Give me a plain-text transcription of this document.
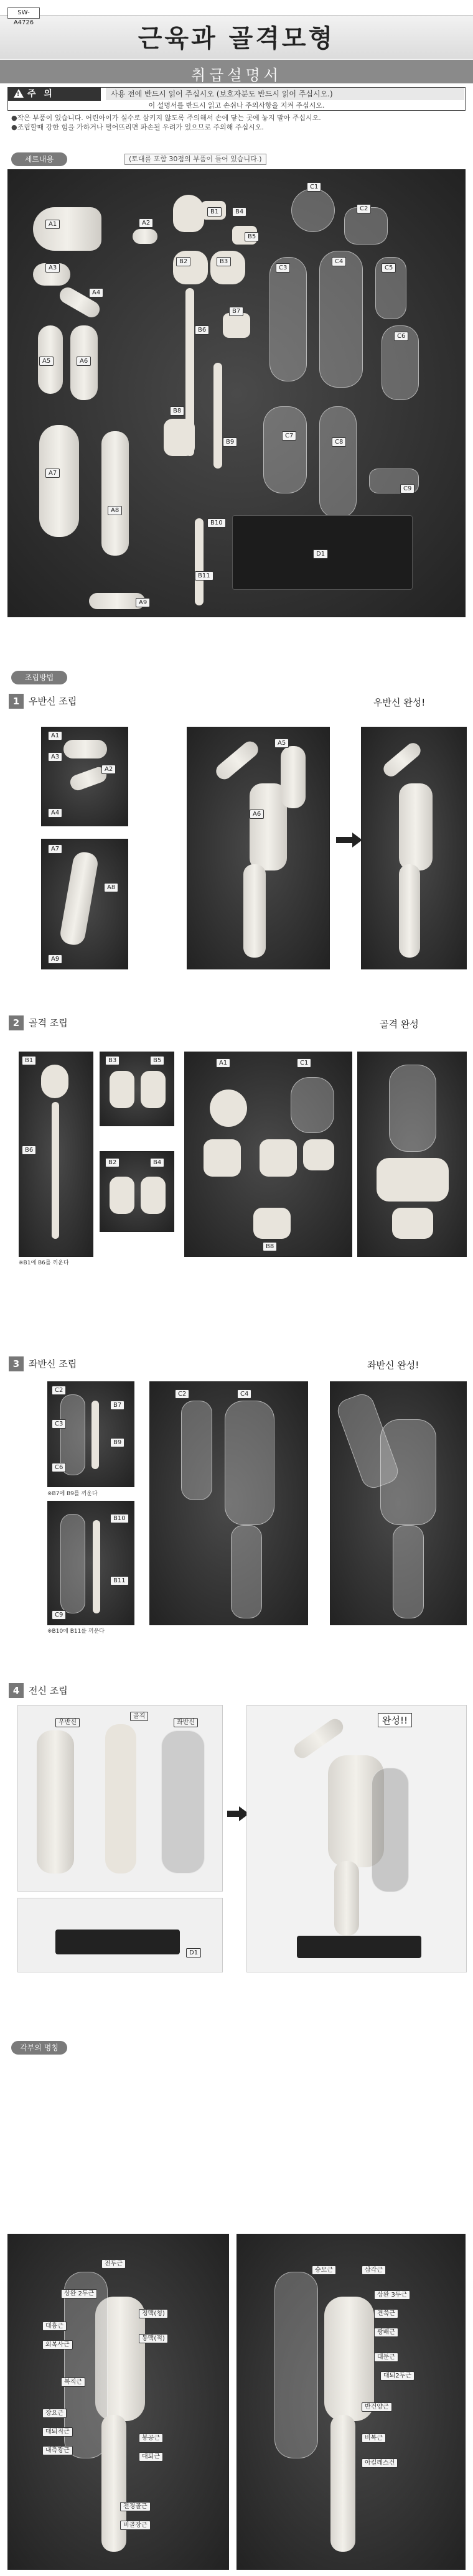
SW-A4726
근육과 골격모형
취급설명서
주 의
!	사용 전에 반드시 읽어 주십시오 (보호자분도 반드시 읽어 주십시오.)
이 설명서를 반드시 읽고 손쉬나 주의사항을 지켜 주십시오.
●작은 부품이 있습니다. 어린아이가 실수로 삼키지 않도록 주의해서 손에 닿는 곳에 놓지 말아 주십시오.
●조립할때 강한 힘을 가하거나 떨어뜨리면 파손될 우려가 있으므로 주의해 주십시오.
세트내용	(토대를 포함 30점의 부품이 들어 있습니다.)
A1	A2
A3
A4
A5	A6
A7
A8
A9
B1
B2	B3
B4
B5
B6
B7
B8
B9
B10
B11
C1
C2
C3
C4
C5
C6
C7
C8
C9
D1
조립방법
1 우반신 조립	우반신 완성!
A1
A2
A3
A4
A7
A8
A9
A5
A6
2 골격 조립	골격 완성
B1
B6
※B1에 B6를 끼운다
B3	B5
B2	B4
A1	C1
B8
3 좌반신 조립	좌반신 완성!
C2
C3
B7
B9
C6
※B7에 B9를 끼운다
B10
B11
C9
※B10에 B11를 끼운다
C2	C4
4 전신 조립
우반신
골격
좌반신
D1
완성!!
각부의 명칭
전두근
상완 2두근
정맥(청)
대흉근
동맥(적)
외복사근
복직근
봉공근
장요근
대퇴직근
내측광근
대퇴근
전경골근
비골장근
승모근	삼각근
상완 3두근
견쭉근
광배근
대둔근
대퇴2두근
반건양근
비복근
아킬레스건
